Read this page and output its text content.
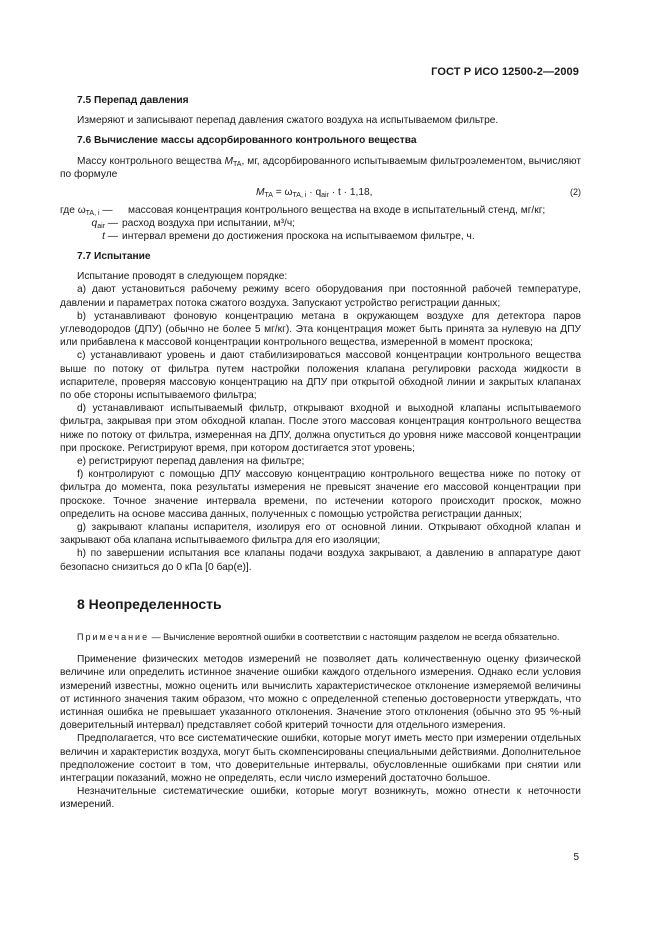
ГОСТ Р ИСО 12500-2—2009

7.5 Перепад давления

Измеряют и записывают перепад давления сжатого воздуха на испытываемом фильтре.

7.6 Вычисление массы адсорбированного контрольного вещества

Массу контрольного вещества $M_{TA}$, мг, адсорбированного испытываемым фильтроэлементом, вычисляют по формуле

$M_{TA} = \omega_{TA, i} \cdot q_{air} \cdot t \cdot 1,18$,	(2)
где $\omega_{TA, i}$ —	массовая концентрация контрольного вещества на входе в испытательный стенд, мг/кг;
$q_{air}$ — расход воздуха при испытании, м³/ч;
t — интервал времени до достижения проскока на испытываемом фильтре, ч.

7.7 Испытание

Испытание проводят в следующем порядке:

a) дают установиться рабочему режиму всего оборудования при постоянной рабочей температуре, давлении и параметрах потока сжатого воздуха. Запускают устройство регистрации данных;

b) устанавливают фоновую концентрацию метана в окружающем воздухе для детектора паров углеводородов (ДПУ) (обычно не более 5 мг/кг). Эта концентрация может быть принята за нулевую на ДПУ или прибавлена к массовой концентрации контрольного вещества, измеренной в момент проскока;

c) устанавливают уровень и дают стабилизироваться массовой концентрации контрольного вещества выше по потоку от фильтра путем настройки положения клапана регулировки расхода жидкости в испарителе, проверяя массовую концентрацию на ДПУ при открытой обходной линии и закрытых клапанах по обе стороны испытываемого фильтра;

d) устанавливают испытываемый фильтр, открывают входной и выходной клапаны испытываемого фильтра, закрывая при этом обходной клапан. После этого массовая концентрация контрольного вещества ниже по потоку от фильтра, измеренная на ДПУ, должна опуститься до уровня ниже массовой концентрации при проскоке. Регистрируют время, при котором достигается этот уровень;

e) регистрируют перепад давления на фильтре;

f) контролируют с помощью ДПУ массовую концентрацию контрольного вещества ниже по потоку от фильтра до момента, пока результаты измерения не превысят значение его массовой концентрации при проскоке. Точное значение интервала времени, по истечении которого происходит проскок, можно определить на основе массива данных, полученных с помощью устройства регистрации данных;

g) закрывают клапаны испарителя, изолируя его от основной линии. Открывают обходной клапан и закрывают оба клапана испытываемого фильтра для его изоляции;

h) по завершении испытания все клапаны подачи воздуха закрывают, а давлению в аппаратуре дают безопасно снизиться до 0 кПа [0 бар(e)].

8 Неопределенность

Примечание — Вычисление вероятной ошибки в соответствии с настоящим разделом не всегда обязательно.

Применение физических методов измерений не позволяет дать количественную оценку физической величине или определить истинное значение ошибки каждого отдельного измерения. Однако если условия измерений известны, можно оценить или вычислить характеристическое отклонение измеряемой величины от истинного значения таким образом, что можно с определенной степенью достоверности утверждать, что истинная ошибка не превышает указанного отклонения. Значение этого отклонения (обычно это 95 %-ный доверительный интервал) представляет собой критерий точности для отдельного измерения.

Предполагается, что все систематические ошибки, которые могут иметь место при измерении отдельных величин и характеристик воздуха, могут быть скомпенсированы специальными действиями. Дополнительное предположение состоит в том, что доверительные интервалы, обусловленные ошибками при снятии или интеграции показаний, можно не определять, если число измерений достаточно большое.

Незначительные систематические ошибки, которые могут возникнуть, можно отнести к неточности измерений.

5
